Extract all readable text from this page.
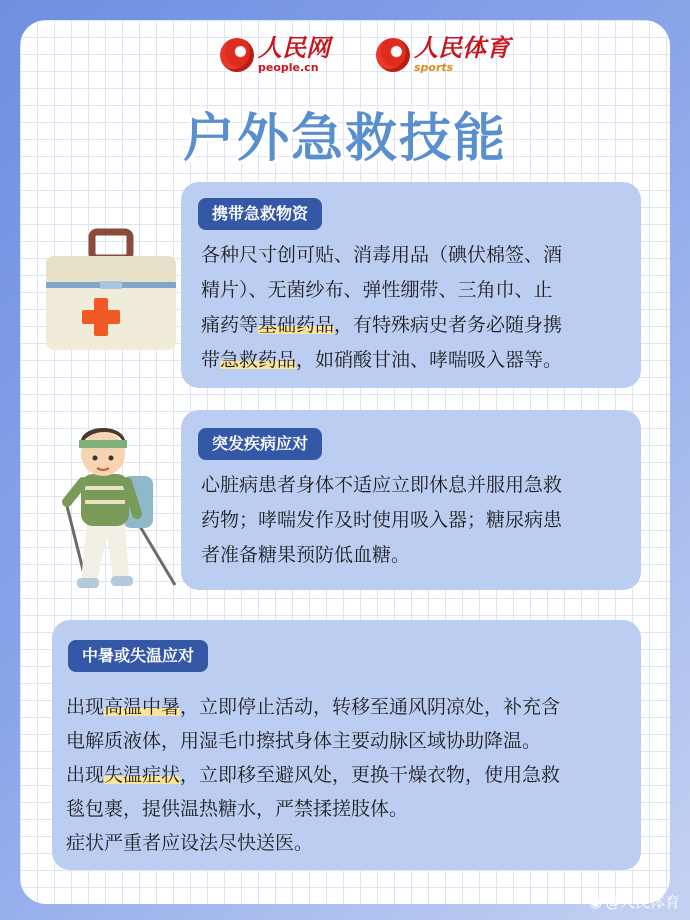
人民网
people.cn
人民体育
sports
户外急救技能
携带急救物资
各种尺寸创可贴、消毒用品（碘伏棉签、酒
精片）、无菌纱布、弹性绷带、三角巾、止
痛药等基础药品，有特殊病史者务必随身携
带急救药品，如硝酸甘油、哮喘吸入器等。
突发疾病应对
心脏病患者身体不适应立即休息并服用急救
药物；哮喘发作及时使用吸入器；糖尿病患
者准备糖果预防低血糖。
中暑或失温应对
出现高温中暑，立即停止活动，转移至通风阴凉处，补充含
电解质液体，用湿毛巾擦拭身体主要动脉区域协助降温。
出现失温症状，立即移至避风处，更换干燥衣物，使用急救
毯包裹，提供温热糖水，严禁揉搓肢体。
症状严重者应设法尽快送医。
◉ @人民体育
